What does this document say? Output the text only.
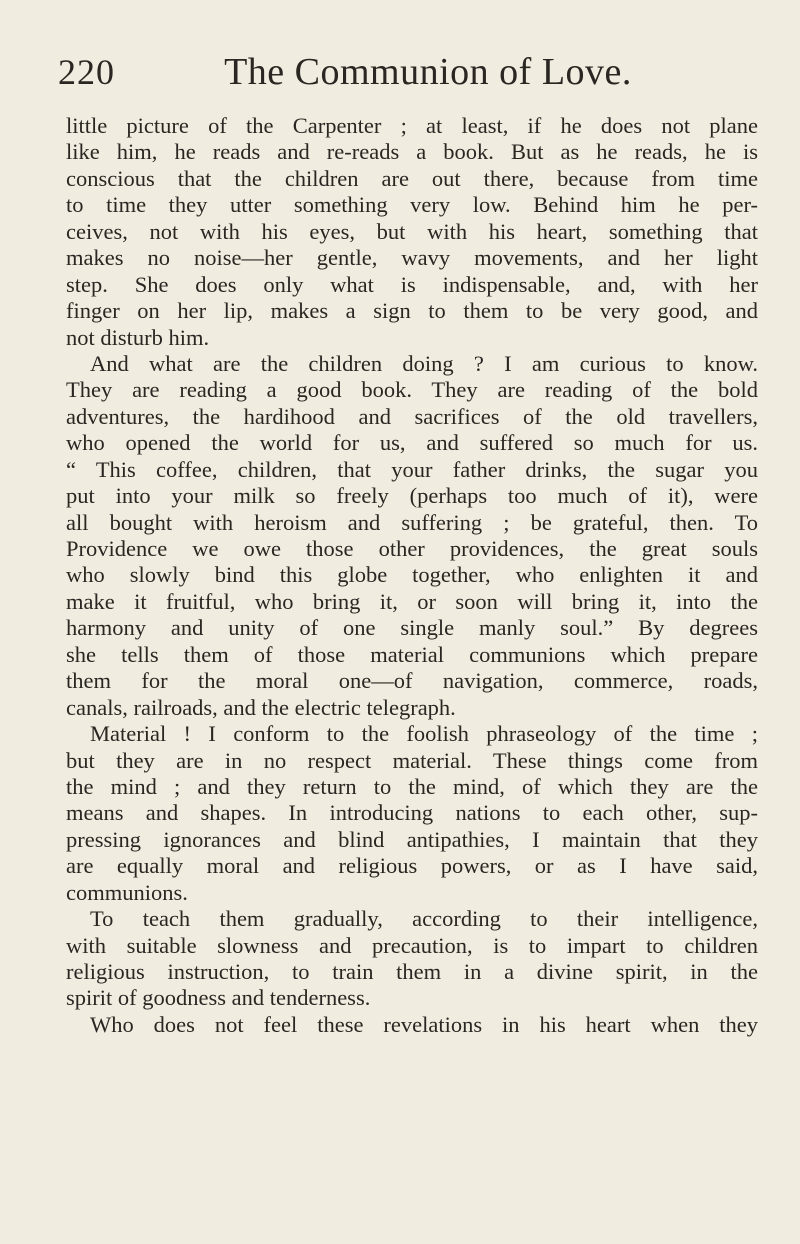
220	The Communion of Love.
little picture of the Carpenter ; at least, if he does not plane
like him, he reads and re-reads a book. But as he reads, he is
conscious that the children are out there, because from time
to time they utter something very low. Behind him he per-
ceives, not with his eyes, but with his heart, something that
makes no noise—her gentle, wavy movements, and her light
step. She does only what is indispensable, and, with her
finger on her lip, makes a sign to them to be very good, and
not disturb him.
And what are the children doing ? I am curious to know.
They are reading a good book. They are reading of the bold
adventures, the hardihood and sacrifices of the old travellers,
who opened the world for us, and suffered so much for us.
“ This coffee, children, that your father drinks, the sugar you
put into your milk so freely (perhaps too much of it), were
all bought with heroism and suffering ; be grateful, then. To
Providence we owe those other providences, the great souls
who slowly bind this globe together, who enlighten it and
make it fruitful, who bring it, or soon will bring it, into the
harmony and unity of one single manly soul.” By degrees
she tells them of those material communions which prepare
them for the moral one—of navigation, commerce, roads,
canals, railroads, and the electric telegraph.
Material ! I conform to the foolish phraseology of the time ;
but they are in no respect material. These things come from
the mind ; and they return to the mind, of which they are the
means and shapes. In introducing nations to each other, sup-
pressing ignorances and blind antipathies, I maintain that they
are equally moral and religious powers, or as I have said,
communions.
To teach them gradually, according to their intelligence,
with suitable slowness and precaution, is to impart to children
religious instruction, to train them in a divine spirit, in the
spirit of goodness and tenderness.
Who does not feel these revelations in his heart when they
